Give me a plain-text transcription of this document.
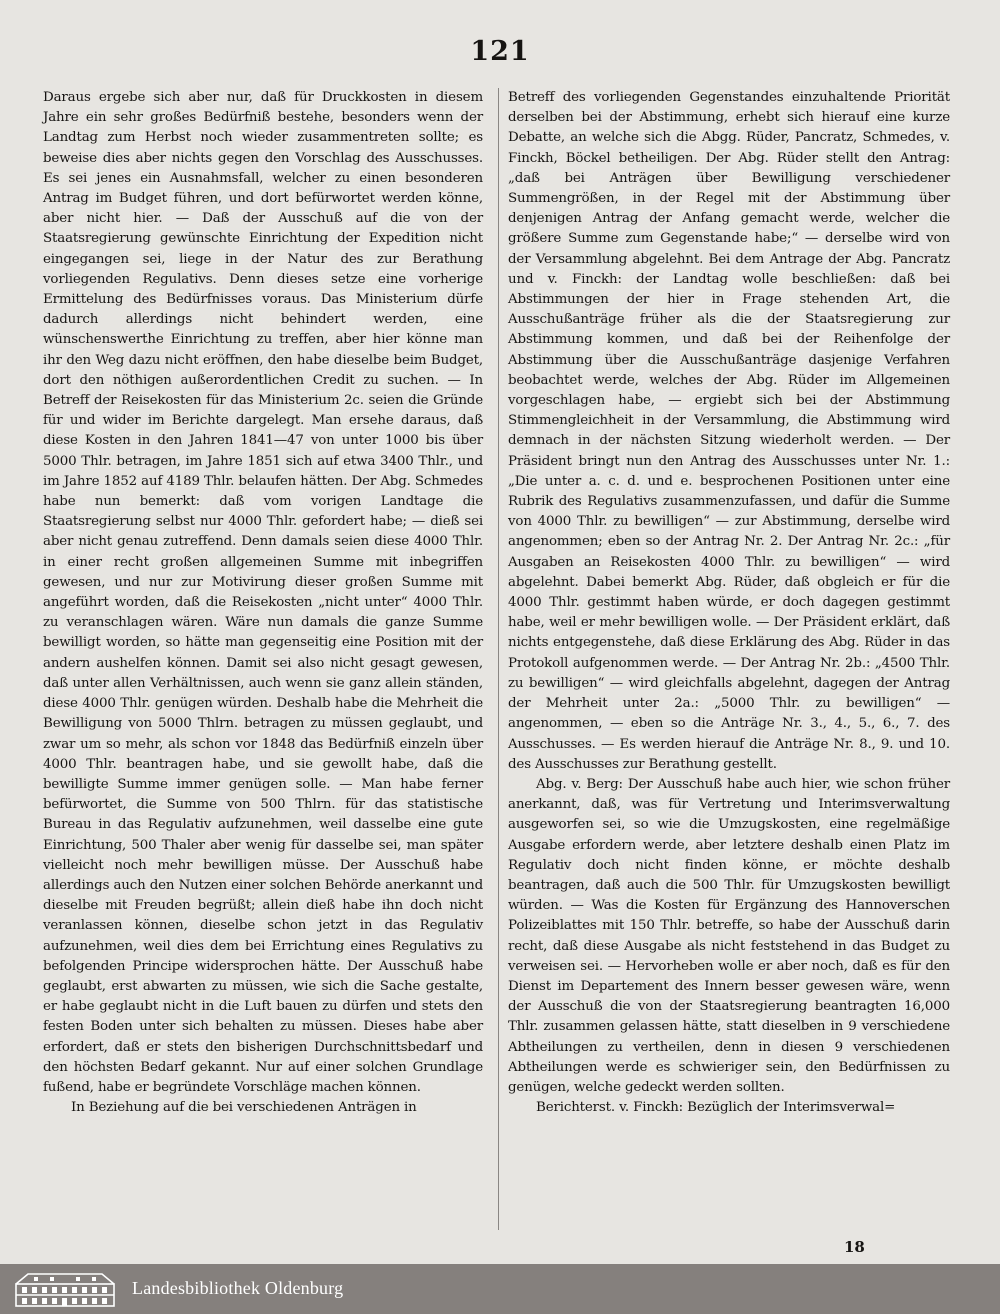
121

Daraus ergebe sich aber nur, daß für Druckkosten in diesem Jahre ein sehr großes Bedürfniß bestehe, besonders wenn der Landtag zum Herbst noch wieder zusammentreten sollte; es beweise dies aber nichts gegen den Vorschlag des Ausschusses. Es sei jenes ein Ausnahmsfall, welcher zu einen besonderen Antrag im Budget führen, und dort befürwortet werden könne, aber nicht hier. — Daß der Ausschuß auf die von der Staatsregierung gewünschte Einrichtung der Expedition nicht eingegangen sei, liege in der Natur des zur Berathung vorliegenden Regulativs. Denn dieses setze eine vorherige Ermittelung des Bedürfnisses voraus. Das Ministerium dürfe dadurch allerdings nicht behindert werden, eine wünschenswerthe Einrichtung zu treffen, aber hier könne man ihr den Weg dazu nicht eröffnen, den habe dieselbe beim Budget, dort den nöthigen außerordentlichen Credit zu suchen. — In Betreff der Reisekosten für das Ministerium 2c. seien die Gründe für und wider im Berichte dargelegt. Man ersehe daraus, daß diese Kosten in den Jahren 1841—47 von unter 1000 bis über 5000 Thlr. betragen, im Jahre 1851 sich auf etwa 3400 Thlr., und im Jahre 1852 auf 4189 Thlr. belaufen hätten. Der Abg. Schmedes habe nun bemerkt: daß vom vorigen Landtage die Staatsregierung selbst nur 4000 Thlr. gefordert habe; — dieß sei aber nicht genau zutreffend. Denn damals seien diese 4000 Thlr. in einer recht großen allgemeinen Summe mit inbegriffen gewesen, und nur zur Motivirung dieser großen Summe mit angeführt worden, daß die Reisekosten „nicht unter“ 4000 Thlr. zu veranschlagen wären. Wäre nun damals die ganze Summe bewilligt worden, so hätte man gegenseitig eine Position mit der andern aushelfen können. Damit sei also nicht gesagt gewesen, daß unter allen Verhältnissen, auch wenn sie ganz allein ständen, diese 4000 Thlr. genügen würden. Deshalb habe die Mehrheit die Bewilligung von 5000 Thlrn. betragen zu müssen geglaubt, und zwar um so mehr, als schon vor 1848 das Bedürfniß einzeln über 4000 Thlr. beantragen habe, und sie gewollt habe, daß die bewilligte Summe immer genügen solle. — Man habe ferner befürwortet, die Summe von 500 Thlrn. für das statistische Bureau in das Regulativ aufzunehmen, weil dasselbe eine gute Einrichtung, 500 Thaler aber wenig für dasselbe sei, man später vielleicht noch mehr bewilligen müsse. Der Ausschuß habe allerdings auch den Nutzen einer solchen Behörde anerkannt und dieselbe mit Freuden begrüßt; allein dieß habe ihn doch nicht veranlassen können, dieselbe schon jetzt in das Regulativ aufzunehmen, weil dies dem bei Errichtung eines Regulativs zu befolgenden Principe widersprochen hätte. Der Ausschuß habe geglaubt, erst abwarten zu müssen, wie sich die Sache gestalte, er habe geglaubt nicht in die Luft bauen zu dürfen und stets den festen Boden unter sich behalten zu müssen. Dieses habe aber erfordert, daß er stets den bisherigen Durchschnittsbedarf und den höchsten Bedarf gekannt. Nur auf einer solchen Grundlage fußend, habe er begründete Vorschläge machen können.

In Beziehung auf die bei verschiedenen Anträgen in

Betreff des vorliegenden Gegenstandes einzuhaltende Priorität derselben bei der Abstimmung, erhebt sich hierauf eine kurze Debatte, an welche sich die Abgg. Rüder, Pancratz, Schmedes, v. Finckh, Böckel betheiligen. Der Abg. Rüder stellt den Antrag: „daß bei Anträgen über Bewilligung verschiedener Summengrößen, in der Regel mit der Abstimmung über denjenigen Antrag der Anfang gemacht werde, welcher die größere Summe zum Gegenstande habe;“ — derselbe wird von der Versammlung abgelehnt. Bei dem Antrage der Abg. Pancratz und v. Finckh: der Landtag wolle beschließen: daß bei Abstimmungen der hier in Frage stehenden Art, die Ausschußanträge früher als die der Staatsregierung zur Abstimmung kommen, und daß bei der Reihenfolge der Abstimmung über die Ausschußanträge dasjenige Verfahren beobachtet werde, welches der Abg. Rüder im Allgemeinen vorgeschlagen habe, — ergiebt sich bei der Abstimmung Stimmengleichheit in der Versammlung, die Abstimmung wird demnach in der nächsten Sitzung wiederholt werden. — Der Präsident bringt nun den Antrag des Ausschusses unter Nr. 1.: „Die unter a. c. d. und e. besprochenen Positionen unter eine Rubrik des Regulativs zusammenzufassen, und dafür die Summe von 4000 Thlr. zu bewilligen“ — zur Abstimmung, derselbe wird angenommen; eben so der Antrag Nr. 2. Der Antrag Nr. 2c.: „für Ausgaben an Reisekosten 4000 Thlr. zu bewilligen“ — wird abgelehnt. Dabei bemerkt Abg. Rüder, daß obgleich er für die 4000 Thlr. gestimmt haben würde, er doch dagegen gestimmt habe, weil er mehr bewilligen wolle. — Der Präsident erklärt, daß nichts entgegenstehe, daß diese Erklärung des Abg. Rüder in das Protokoll aufgenommen werde. — Der Antrag Nr. 2b.: „4500 Thlr. zu bewilligen“ — wird gleichfalls abgelehnt, dagegen der Antrag der Mehrheit unter 2a.: „5000 Thlr. zu bewilligen“ — angenommen, — eben so die Anträge Nr. 3., 4., 5., 6., 7. des Ausschusses. — Es werden hierauf die Anträge Nr. 8., 9. und 10. des Ausschusses zur Berathung gestellt.

Abg. v. Berg: Der Ausschuß habe auch hier, wie schon früher anerkannt, daß, was für Vertretung und Interimsverwaltung ausgeworfen sei, so wie die Umzugskosten, eine regelmäßige Ausgabe erfordern werde, aber letztere deshalb einen Platz im Regulativ doch nicht finden könne, er möchte deshalb beantragen, daß auch die 500 Thlr. für Umzugskosten bewilligt würden. — Was die Kosten für Ergänzung des Hannoverschen Polizeiblattes mit 150 Thlr. betreffe, so habe der Ausschuß darin recht, daß diese Ausgabe als nicht feststehend in das Budget zu verweisen sei. — Hervorheben wolle er aber noch, daß es für den Dienst im Departement des Innern besser gewesen wäre, wenn der Ausschuß die von der Staatsregierung beantragten 16,000 Thlr. zusammen gelassen hätte, statt dieselben in 9 verschiedene Abtheilungen zu vertheilen, denn in diesen 9 verschiedenen Abtheilungen werde es schwieriger sein, den Bedürfnissen zu genügen, welche gedeckt werden sollten.

Berichterst. v. Finckh: Bezüglich der Interimsverwal=

18
Landesbibliothek Oldenburg
